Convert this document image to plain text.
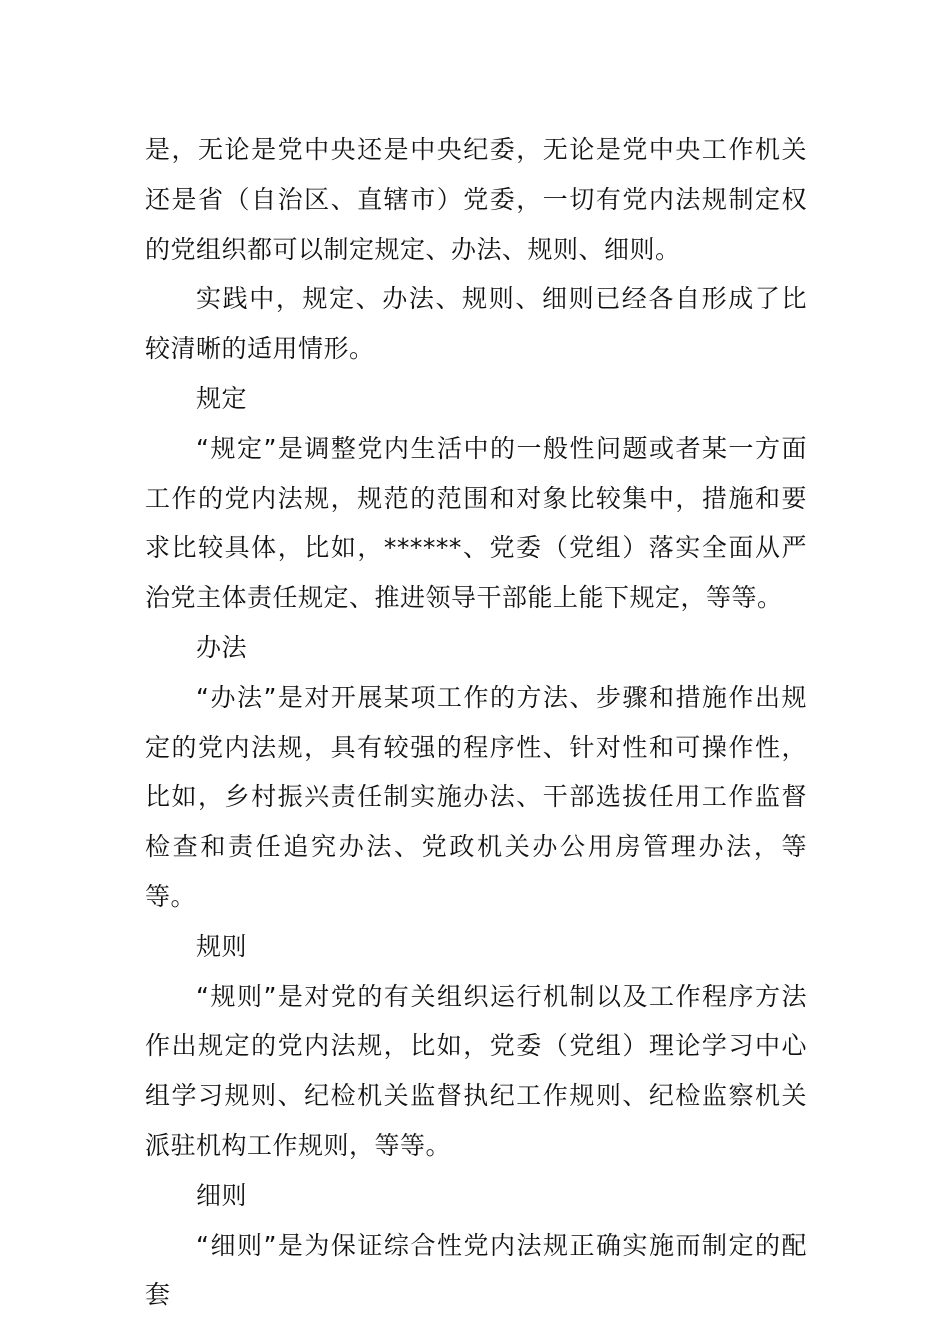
是，无论是党中央还是中央纪委，无论是党中央工作机关还是省（自治区、直辖市）党委，一切有党内法规制定权的党组织都可以制定规定、办法、规则、细则。

实践中，规定、办法、规则、细则已经各自形成了比较清晰的适用情形。

规定

“规定”是调整党内生活中的一般性问题或者某一方面工作的党内法规，规范的范围和对象比较集中，措施和要求比较具体，比如，******、党委（党组）落实全面从严治党主体责任规定、推进领导干部能上能下规定，等等。

办法

“办法”是对开展某项工作的方法、步骤和措施作出规定的党内法规，具有较强的程序性、针对性和可操作性，比如，乡村振兴责任制实施办法、干部选拔任用工作监督检查和责任追究办法、党政机关办公用房管理办法，等等。

规则

“规则”是对党的有关组织运行机制以及工作程序方法作出规定的党内法规，比如，党委（党组）理论学习中心组学习规则、纪检机关监督执纪工作规则、纪检监察机关派驻机构工作规则，等等。

细则

“细则”是为保证综合性党内法规正确实施而制定的配套
